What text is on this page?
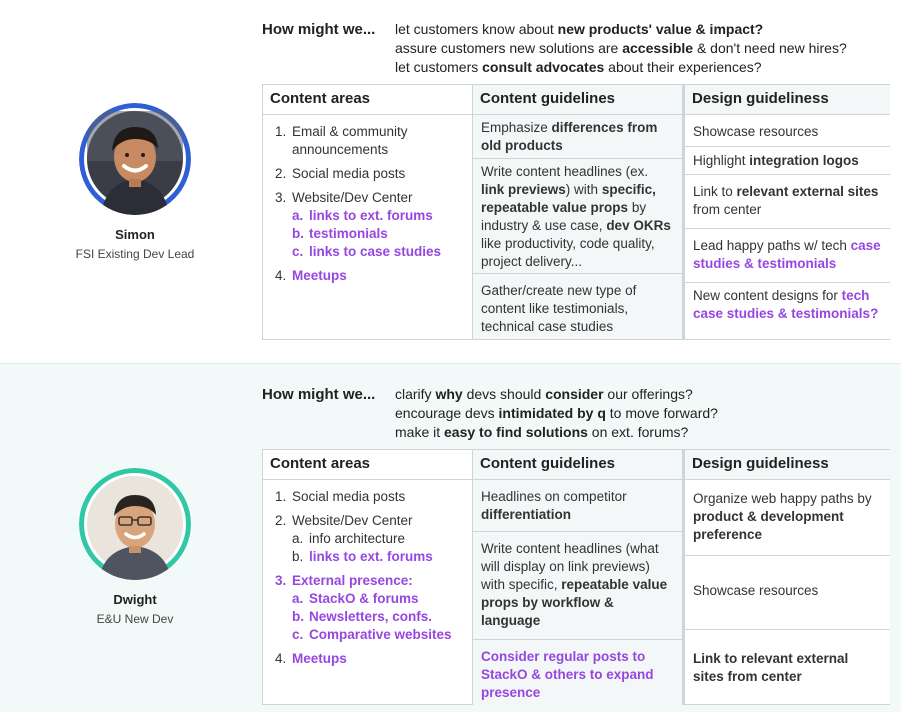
Simon
FSI Existing Dev Lead
How might we... let customers know about new products' value & impact?
assure customers new solutions are accessible & don't need new hires?
let customers consult advocates about their experiences?
Content areas
1. Email & community announcements
2. Social media posts
3. Website/Dev Center
a. links to ext. forums
b. testimonials
c. links to case studies
4. Meetups
Content guidelines
Emphasize differences from old products
Write content headlines (ex. link previews) with specific, repeatable value props by industry & use case, dev OKRs like productivity, code quality, project delivery...
Gather/create new type of content like testimonials, technical case studies
Design guideliness
Showcase resources
Highlight integration logos
Link to relevant external sites from center
Lead happy paths w/ tech case studies & testimonials
New content designs for tech case studies & testimonials?
Dwight
E&U New Dev
How might we... clarify why devs should consider our offerings?
encourage devs intimidated by q to move forward?
make it easy to find solutions on ext. forums?
Content areas
1. Social media posts
2. Website/Dev Center
a. info architecture
b. links to ext. forums
3. External presence:
a. StackO & forums
b. Newsletters, confs.
c. Comparative websites
4. Meetups
Content guidelines
Headlines on competitor differentiation
Write content headlines (what will display on link previews) with specific, repeatable value props by workflow & language
Consider regular posts to StackO & others to expand presence
Design guideliness
Organize web happy paths by product & development preference
Showcase resources
Link to relevant external sites from center
